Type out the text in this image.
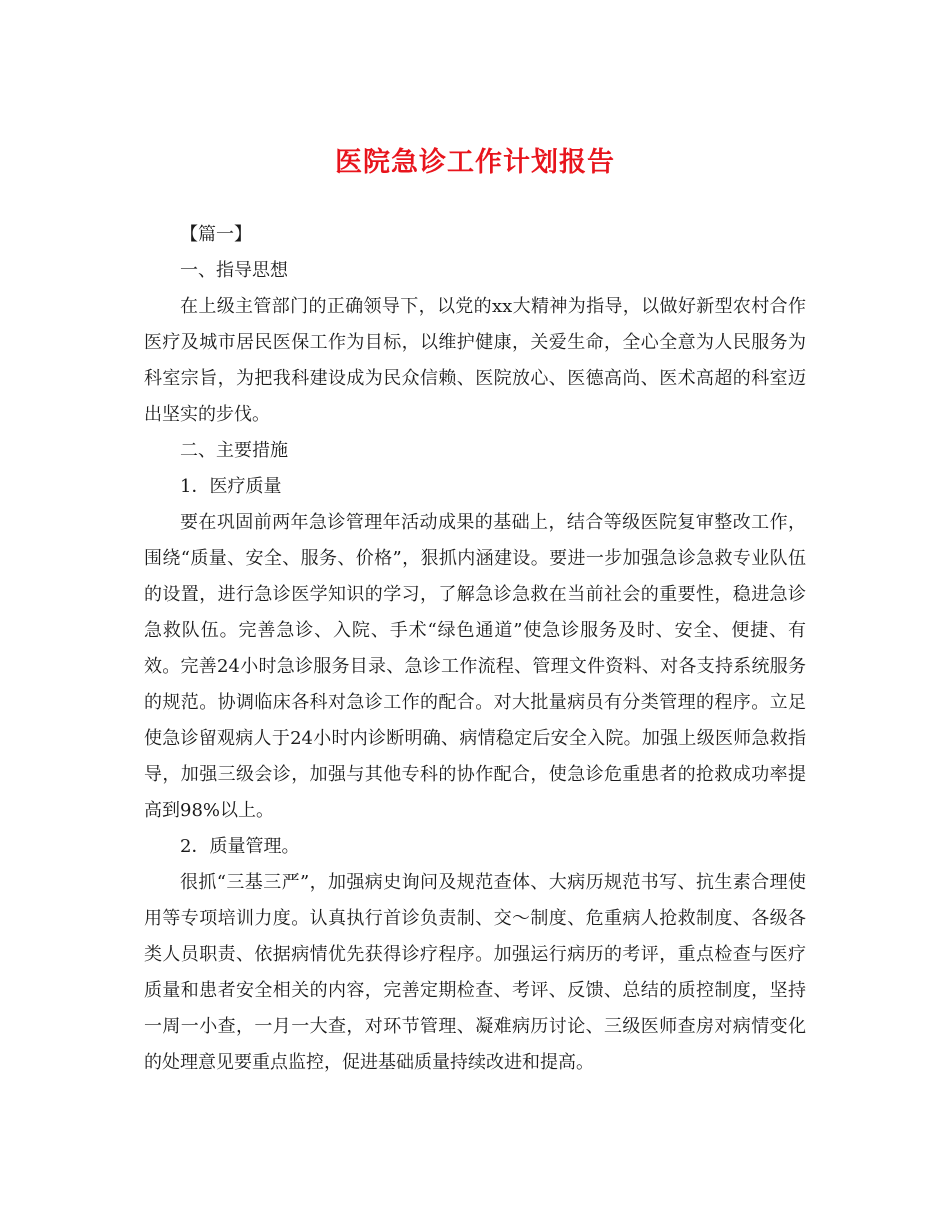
医院急诊工作计划报告

【篇一】

一、指导思想

在上级主管部门的正确领导下，以党的xx大精神为指导，以做好新型农村合作医疗及城市居民医保工作为目标，以维护健康，关爱生命，全心全意为人民服务为科室宗旨，为把我科建设成为民众信赖、医院放心、医德高尚、医术高超的科室迈出坚实的步伐。

二、主要措施

1．医疗质量

要在巩固前两年急诊管理年活动成果的基础上，结合等级医院复审整改工作，围绕“质量、安全、服务、价格”，狠抓内涵建设。要进一步加强急诊急救专业队伍的设置，进行急诊医学知识的学习，了解急诊急救在当前社会的重要性，稳进急诊急救队伍。完善急诊、入院、手术“绿色通道”使急诊服务及时、安全、便捷、有效。完善24小时急诊服务目录、急诊工作流程、管理文件资料、对各支持系统服务的规范。协调临床各科对急诊工作的配合。对大批量病员有分类管理的程序。立足使急诊留观病人于24小时内诊断明确、病情稳定后安全入院。加强上级医师急救指导，加强三级会诊，加强与其他专科的协作配合，使急诊危重患者的抢救成功率提高到98%以上。

2．质量管理。

很抓“三基三严”，加强病史询问及规范查体、大病历规范书写、抗生素合理使用等专项培训力度。认真执行首诊负责制、交～制度、危重病人抢救制度、各级各类人员职责、依据病情优先获得诊疗程序。加强运行病历的考评，重点检查与医疗质量和患者安全相关的内容，完善定期检查、考评、反馈、总结的质控制度，坚持一周一小查，一月一大查，对环节管理、凝难病历讨论、三级医师查房对病情变化的处理意见要重点监控，促进基础质量持续改进和提高。
